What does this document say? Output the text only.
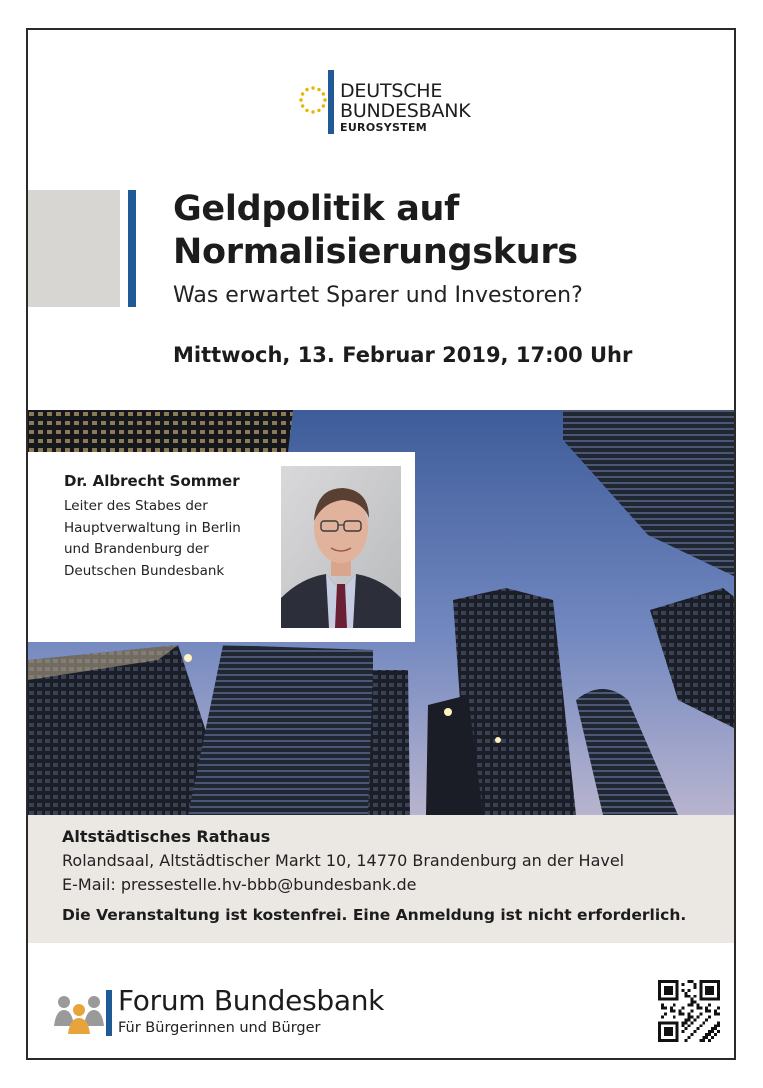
DEUTSCHE
BUNDESBANK
EUROSYSTEM
Geldpolitik auf
Normalisierungskurs
Was erwartet Sparer und Investoren?
Mittwoch, 13. Februar 2019, 17:00 Uhr
Dr. Albrecht Sommer
Leiter des Stabes der
Hauptverwaltung in Berlin
und Brandenburg der
Deutschen Bundesbank
Altstädtisches Rathaus
Rolandsaal, Altstädtischer Markt 10, 14770 Brandenburg an der Havel
E-Mail: pressestelle.hv-bbb@bundesbank.de
Die Veranstaltung ist kostenfrei. Eine Anmeldung ist nicht erforderlich.
Forum Bundesbank
Für Bürgerinnen und Bürger
